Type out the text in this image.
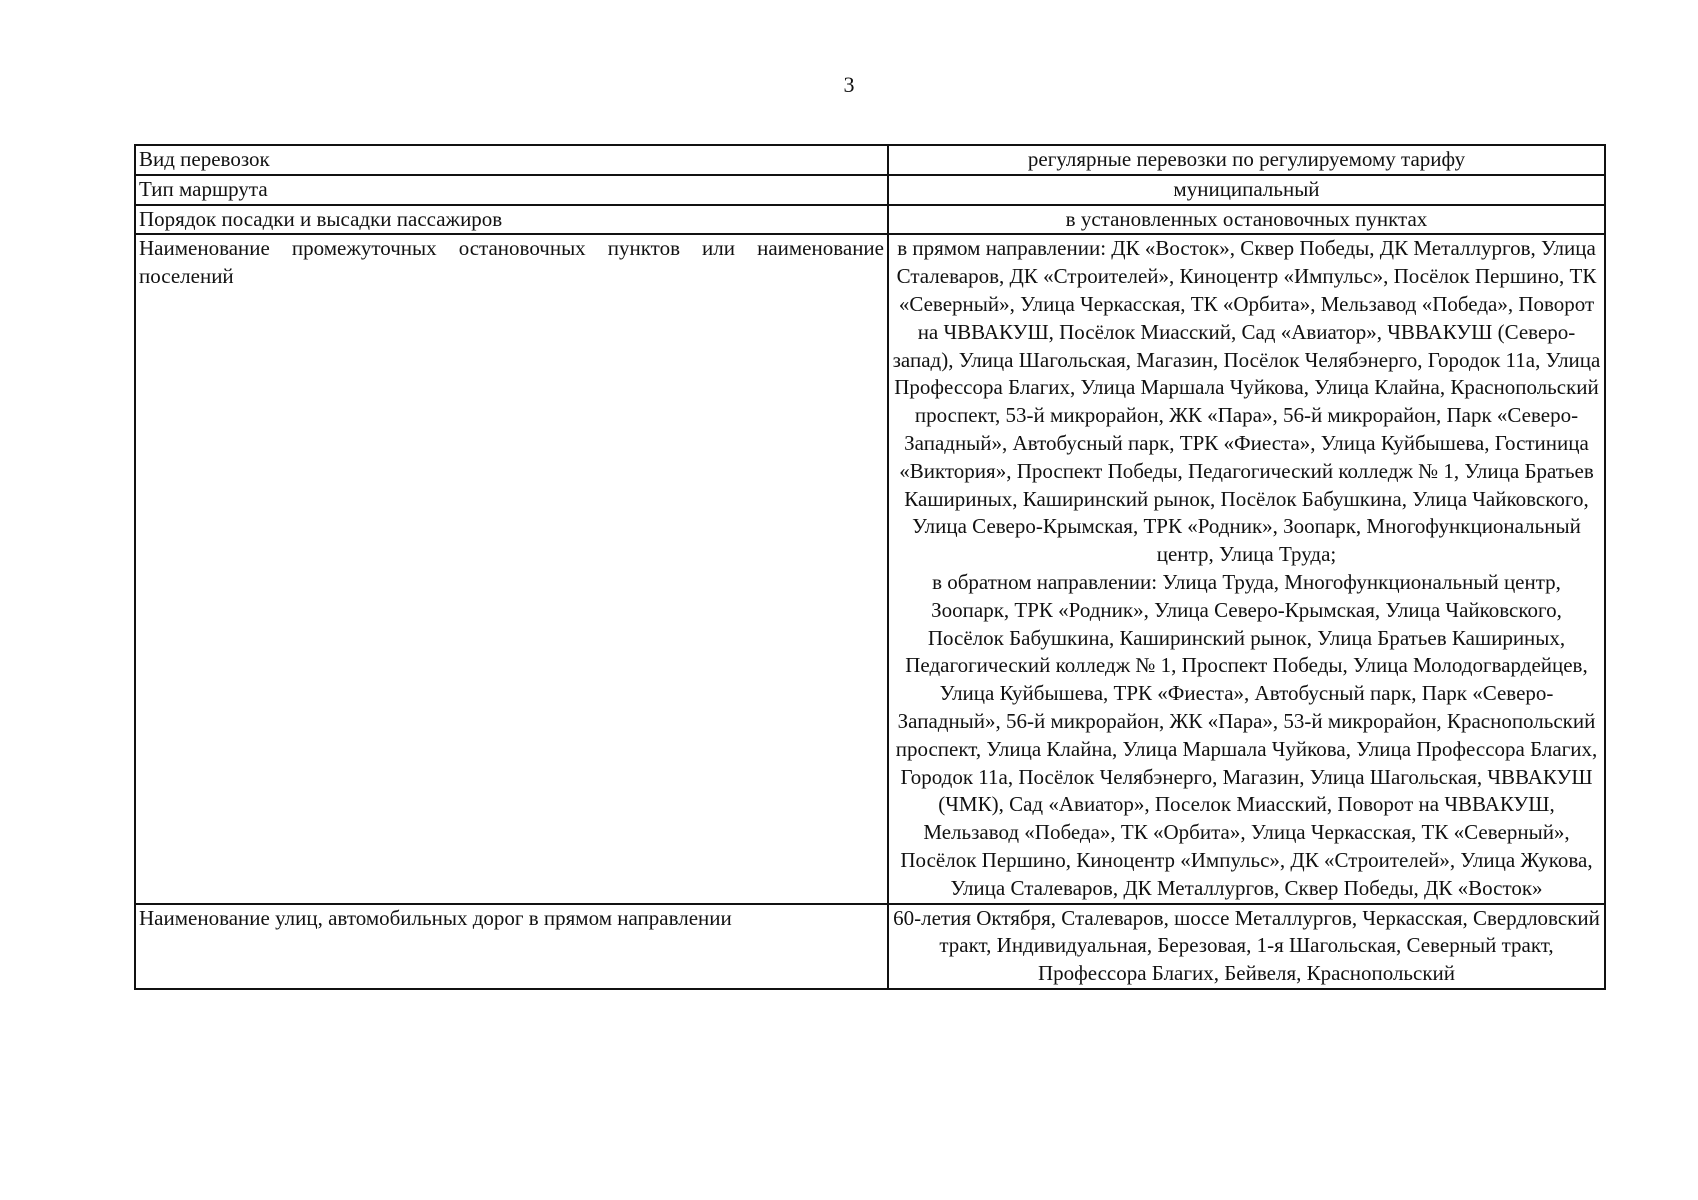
3
Вид перевозок	регулярные перевозки по регулируемому тарифу

Тип маршрута	муниципальный

Порядок посадки и высадки пассажиров	в установленных остановочных пунктах

Наименование промежуточных остановочных пунктов или наименование поселений	в прямом направлении: ДК «Восток», Сквер Победы, ДК Металлургов, Улица Сталеваров, ДК «Строителей», Киноцентр «Импульс», Посёлок Першино, ТК «Северный», Улица Черкасская, ТК «Орбита», Мельзавод «Победа», Поворот на ЧВВАКУШ, Посёлок Миасский, Сад «Авиатор», ЧВВАКУШ (Северо-запад), Улица Шагольская, Магазин, Посёлок Челябэнерго, Городок 11а, Улица Профессора Благих, Улица Маршала Чуйкова, Улица Клайна, Краснопольский проспект, 53-й микрорайон, ЖК «Пара», 56-й микрорайон, Парк «Северо-Западный», Автобусный парк, ТРК «Фиеста», Улица Куйбышева, Гостиница «Виктория», Проспект Победы, Педагогический колледж № 1, Улица Братьев Кашириных, Каширинский рынок, Посёлок Бабушкина, Улица Чайковского, Улица Северо-Крымская, ТРК «Родник», Зоопарк, Многофункциональный центр, Улица Труда;
в обратном направлении: Улица Труда, Многофункциональный центр, Зоопарк, ТРК «Родник», Улица Северо-Крымская, Улица Чайковского, Посёлок Бабушкина, Каширинский рынок, Улица Братьев Кашириных, Педагогический колледж № 1, Проспект Победы, Улица Молодогвардейцев, Улица Куйбышева, ТРК «Фиеста», Автобусный парк, Парк «Северо-Западный», 56-й микрорайон, ЖК «Пара», 53-й микрорайон, Краснопольский проспект, Улица Клайна, Улица Маршала Чуйкова, Улица Профессора Благих, Городок 11а, Посёлок Челябэнерго, Магазин, Улица Шагольская, ЧВВАКУШ (ЧМК), Сад «Авиатор», Поселок Миасский, Поворот на ЧВВАКУШ, Мельзавод «Победа», ТК «Орбита», Улица Черкасская, ТК «Северный», Посёлок Першино, Киноцентр «Импульс», ДК «Строителей», Улица Жукова, Улица Сталеваров, ДК Металлургов, Сквер Победы, ДК «Восток»

Наименование улиц, автомобильных дорог в прямом направлении	60-летия Октября, Сталеваров, шоссе Металлургов, Черкасская, Свердловский тракт, Индивидуальная, Березовая, 1-я Шагольская, Северный тракт, Профессора Благих, Бейвеля, Краснопольский
